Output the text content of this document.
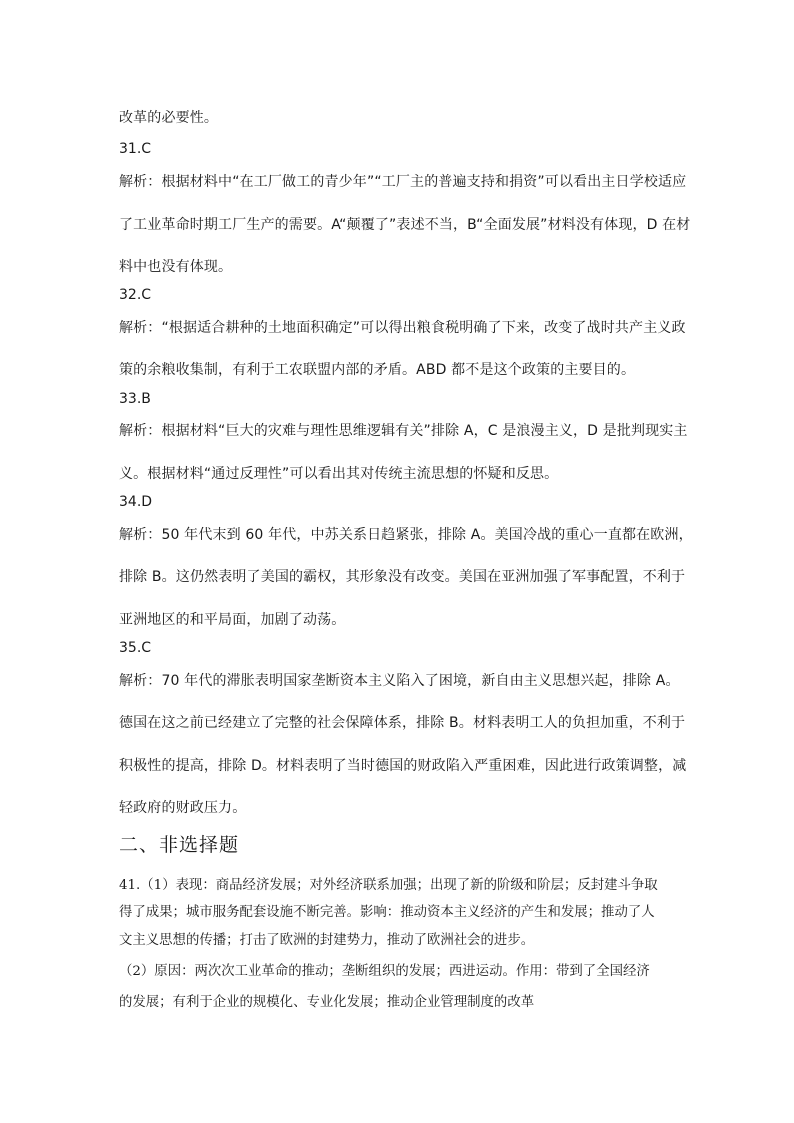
改革的必要性。
31.C
解析：根据材料中“在工厂做工的青少年”“工厂主的普遍支持和捐资”可以看出主日学校适应
了工业革命时期工厂生产的需要。A“颠覆了”表述不当，B“全面发展”材料没有体现，D 在材
料中也没有体现。
32.C
解析：“根据适合耕种的土地面积确定”可以得出粮食税明确了下来，改变了战时共产主义政
策的余粮收集制，有利于工农联盟内部的矛盾。ABD 都不是这个政策的主要目的。
33.B
解析：根据材料“巨大的灾难与理性思维逻辑有关”排除 A，C 是浪漫主义，D 是批判现实主
义。根据材料“通过反理性”可以看出其对传统主流思想的怀疑和反思。
34.D
解析：50 年代末到 60 年代，中苏关系日趋紧张，排除 A。美国冷战的重心一直都在欧洲，
排除 B。这仍然表明了美国的霸权，其形象没有改变。美国在亚洲加强了军事配置，不利于
亚洲地区的和平局面，加剧了动荡。
35.C
解析：70 年代的滞胀表明国家垄断资本主义陷入了困境，新自由主义思想兴起，排除 A。
德国在这之前已经建立了完整的社会保障体系，排除 B。材料表明工人的负担加重，不利于
积极性的提高，排除 D。材料表明了当时德国的财政陷入严重困难，因此进行政策调整，减
轻政府的财政压力。
二、非选择题
41.（1）表现：商品经济发展；对外经济联系加强；出现了新的阶级和阶层；反封建斗争取
得了成果；城市服务配套设施不断完善。影响：推动资本主义经济的产生和发展；推动了人
文主义思想的传播；打击了欧洲的封建势力，推动了欧洲社会的进步。
（2）原因：两次次工业革命的推动；垄断组织的发展；西进运动。作用：带到了全国经济
的发展；有利于企业的规模化、专业化发展；推动企业管理制度的改革
